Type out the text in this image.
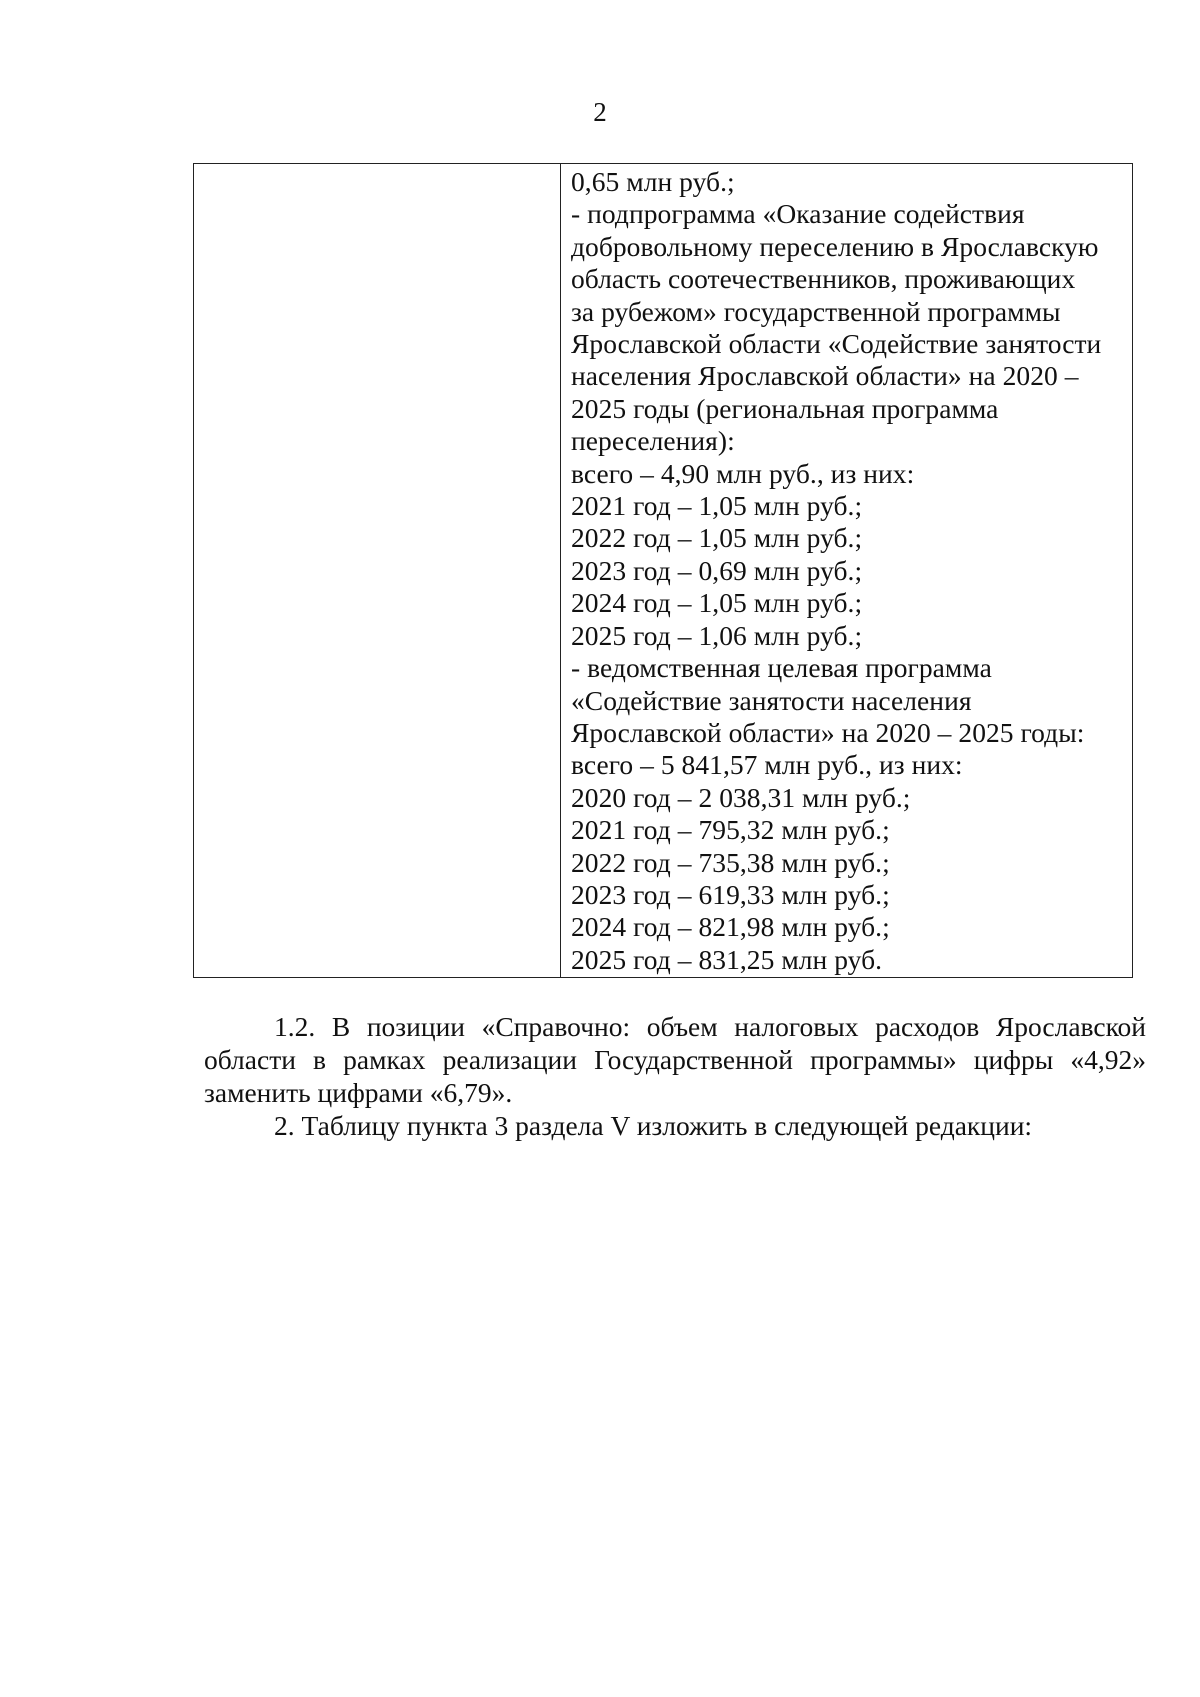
2
0,65 млн руб.;
- подпрограмма «Оказание содействия
добровольному переселению в Ярославскую
область соотечественников, проживающих
за рубежом» государственной программы
Ярославской области «Содействие занятости
населения Ярославской области» на 2020 –
2025 годы (региональная программа
переселения):
всего – 4,90 млн руб., из них:
2021 год – 1,05 млн руб.;
2022 год – 1,05 млн руб.;
2023 год – 0,69 млн руб.;
2024 год – 1,05 млн руб.;
2025 год – 1,06 млн руб.;
- ведомственная целевая программа
«Содействие занятости населения
Ярославской области» на 2020 – 2025 годы:
всего – 5 841,57 млн руб., из них:
2020 год – 2 038,31 млн руб.;
2021 год – 795,32 млн руб.;
2022 год – 735,38 млн руб.;
2023 год – 619,33 млн руб.;
2024 год – 821,98 млн руб.;
2025 год – 831,25 млн руб.
1.2. В позиции «Справочно: объем налоговых расходов Ярославской
области в рамках реализации Государственной программы» цифры «4,92»
заменить цифрами «6,79».
2. Таблицу пункта 3 раздела V изложить в следующей редакции:
